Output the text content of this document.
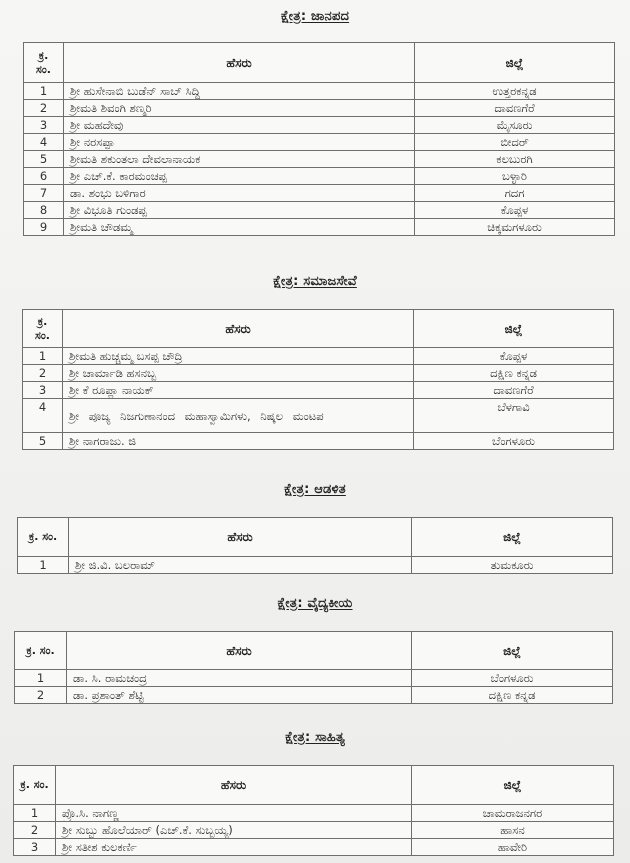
ಕ್ಷೇತ್ರ: ಜಾನಪದ
ಕ್ರ. ಸಂ.	ಹೆಸರು	ಜಿಲ್ಲೆ
1	ಶ್ರೀ ಹುಸೇನಾಬಿ ಬುಡೆನ್ ಸಾಬ್ ಸಿದ್ದಿ	ಉತ್ತರಕನ್ನಡ
2	ಶ್ರೀಮತಿ ಶಿವಂಗಿ ಶಣ್ಮರಿ	ದಾವಣಗೆರೆ
3	ಶ್ರೀ ಮಹದೇವು	ಮೈಸೂರು
4	ಶ್ರೀ ನರಸಪ್ಪಾ	ಬೀದರ್
5	ಶ್ರೀಮತಿ ಶಕುಂತಲಾ ದೇವಲಾನಾಯಕ	ಕಲಬುರಗಿ
6	ಶ್ರೀ ಎಚ್.ಕೆ. ಕಾರಮಂಚಪ್ಪ	ಬಳ್ಳಾರಿ
7	ಡಾ. ಶಂಭು ಬಳಿಗಾರ	ಗದಗ
8	ಶ್ರೀ ವಿಭೂತಿ ಗುಂಡಪ್ಪ	ಕೊಪ್ಪಳ
9	ಶ್ರೀಮತಿ ಚೌಡಮ್ಮ	ಚಿಕ್ಕಮಗಳೂರು
ಕ್ಷೇತ್ರ: ಸಮಾಜಸೇವೆ
ಕ್ರ. ಸಂ.	ಹೆಸರು	ಜಿಲ್ಲೆ
1	ಶ್ರೀಮತಿ ಹುಚ್ಚಮ್ಮ ಬಸಪ್ಪ ಚೌದ್ರಿ	ಕೊಪ್ಪಳ
2	ಶ್ರೀ ಚಾರ್ಮಾಡಿ ಹಸನಬ್ಬ	ದಕ್ಷಿಣ ಕನ್ನಡ
3	ಶ್ರೀ ಕೆ ರೂಪ್ಲಾ ನಾಯಕ್	ದಾವಣಗೆರೆ
4	ಶ್ರೀ ಪೂಜ್ಯ ನಿಜಗುಣಾನಂದ ಮಹಾಸ್ವಾಮಿಗಳು, ನಿಷ್ಕಲ ಮಂಟಪ	ಬೆಳಗಾವಿ
5	ಶ್ರೀ ನಾಗರಾಜು. ಜಿ	ಬೆಂಗಳೂರು
ಕ್ಷೇತ್ರ: ಆಡಳಿತ
ಕ್ರ. ಸಂ.	ಹೆಸರು	ಜಿಲ್ಲೆ
1	ಶ್ರೀ ಜಿ.ವಿ. ಬಲರಾಮ್	ತುಮಕೂರು
ಕ್ಷೇತ್ರ: ವೈದ್ಯಕೀಯ
ಕ್ರ. ಸಂ.	ಹೆಸರು	ಜಿಲ್ಲೆ
1	ಡಾ. ಸಿ. ರಾಮಚಂದ್ರ	ಬೆಂಗಳೂರು
2	ಡಾ. ಪ್ರಶಾಂತ್ ಶೆಟ್ಟಿ	ದಕ್ಷಿಣ ಕನ್ನಡ
ಕ್ಷೇತ್ರ: ಸಾಹಿತ್ಯ
ಕ್ರ. ಸಂ.	ಹೆಸರು	ಜಿಲ್ಲೆ
1	ಪ್ರೊ.ಸಿ. ನಾಗಣ್ಣ	ಚಾಮರಾಜನಗರ
2	ಶ್ರೀ ಸುಬ್ಬು ಹೊಲೆಯಾರ್ (ಎಚ್.ಕೆ. ಸುಬ್ಬಯ್ಯ)	ಹಾಸನ
3	ಶ್ರೀ ಸತೀಶ ಕುಲಕರ್ಣಿ	ಹಾವೇರಿ
